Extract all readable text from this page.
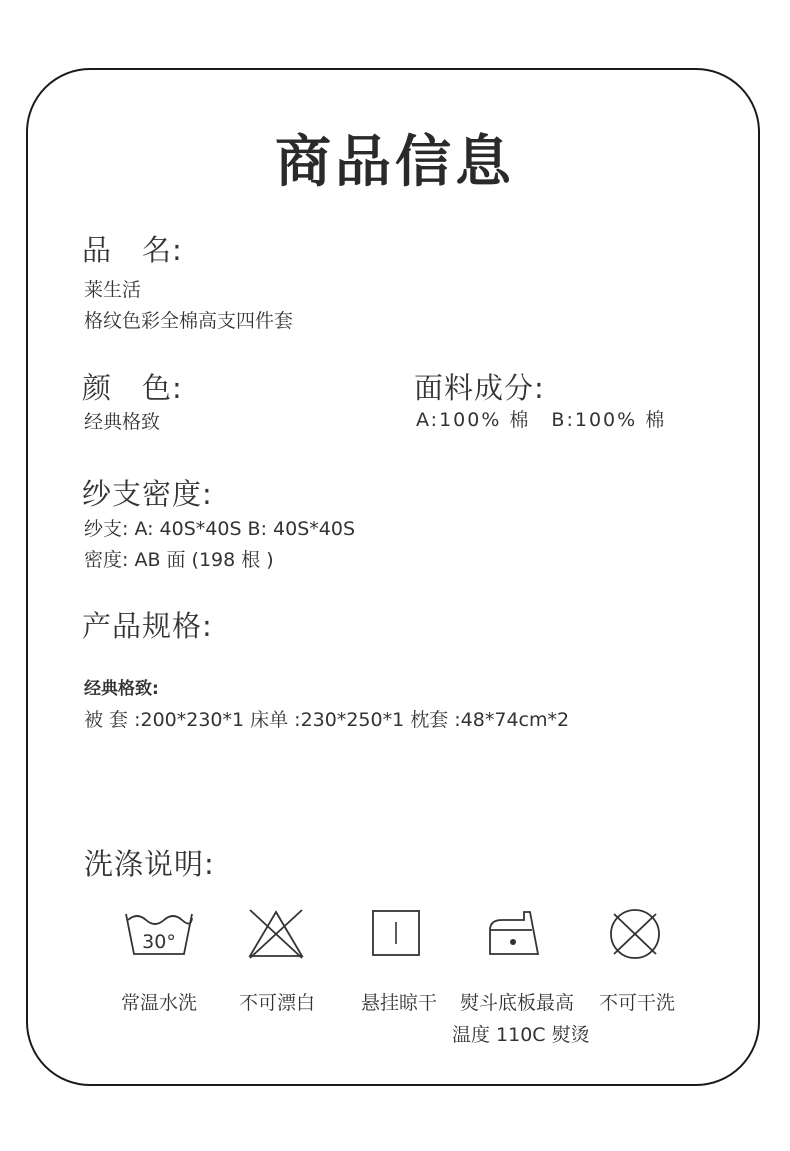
商品信息
品　名:
莱生活
格纹色彩全棉高支四件套
颜　色:
经典格致
面料成分:
A:100% 棉　B:100% 棉
纱支密度:
纱支: A: 40S*40S B: 40S*40S
密度: AB 面 (198 根 )
产品规格:
经典格致:
被 套 :200*230*1 床单 :230*250*1 枕套 :48*74cm*2
洗涤说明:
30°
常温水洗	不可漂白	悬挂晾干	熨斗底板最高
温度 110C 熨烫
不可干洗
